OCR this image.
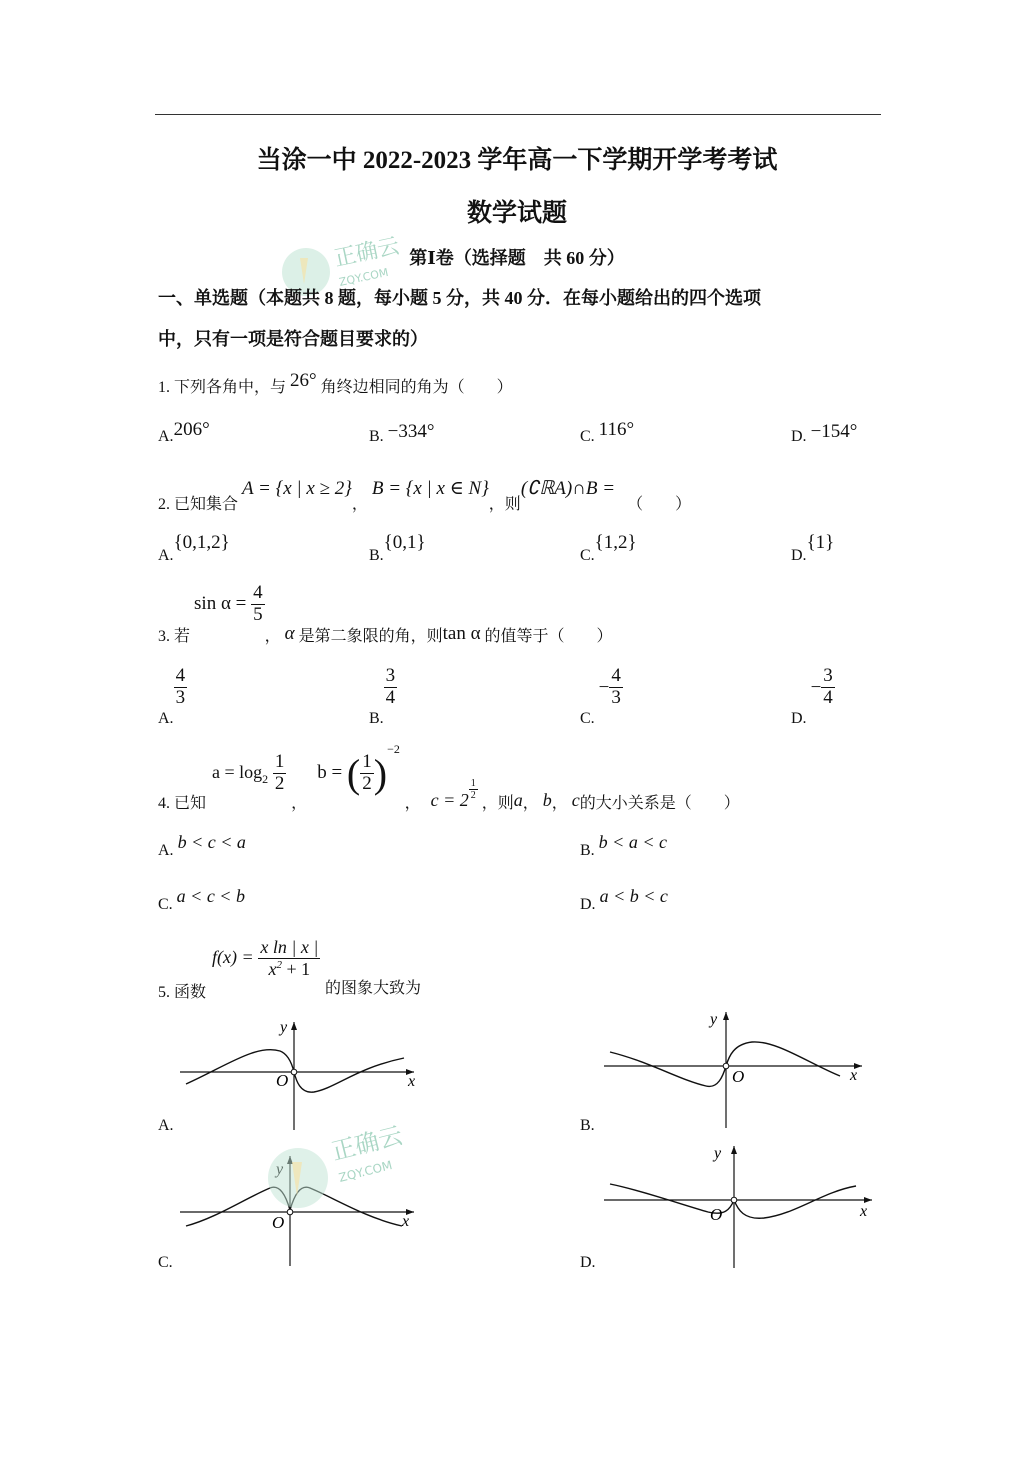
当涂一中 2022-2023 学年高一下学期开学考考试
数学试题
第Ⅰ卷（选择题　共 60 分）
正确云
ZQY.COM
一、单选题（本题共 8 题，每小题 5 分，共 40 分．在每小题给出的四个选项
中，只有一项是符合题目要求的）
1. 下列各角中，与 26° 角终边相同的角为（　　）
A.206°	B. −334°	C. 116°	D. −154°
2. 已知集合 A = {x | x ≥ 2}， B = {x | x ∈ N}，则(∁ℝA)∩B = （　　）
A.{0,1,2}
B.{0,1}
C.{1,2}
D.{1}
3. 若 $\sin \alpha = \frac{4}{5}$
， α 是第二象限的角，则tan α 的值等于（　　）
A.
$\frac{4}{3}$
B.
$\frac{3}{4}$
C. − $\frac{4}{3}$
D. − $\frac{3}{4}$
4. 已知 $a = \log_2 \frac{1}{2}$
， b = ( $\frac{1}{2} )^{-2}$ ， $c = 2 \frac{1}{2}$
，则a， b， c的大小关系是（　　）
A. b < c < a	B. b < a < c
C. a < c < b	D. a < b < c
5. 函数 $f(x) = \frac{\text{x ln | x |}}{x^2 + 1}$
的图象大致为
O	x
y
A.
O	x
y
B.
O	x
C.
正确云
ZQY.COM
O	x
y
D.
